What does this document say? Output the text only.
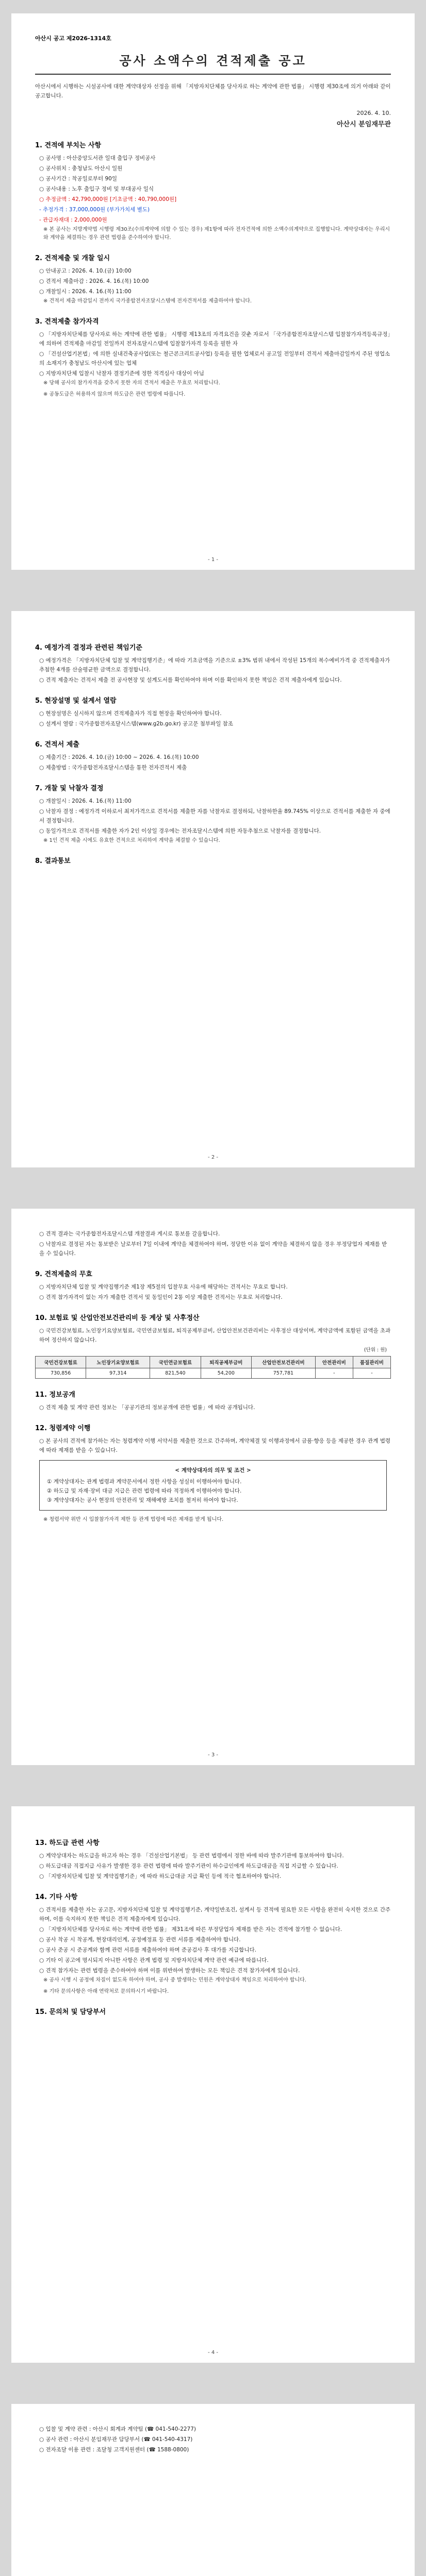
아산시 공고 제2026-1314호
공사 소액수의 견적제출 공고
아산시에서 시행하는 시설공사에 대한 계약대상자 선정을 위해 「지방자치단체를 당사자로 하는 계약에 관한 법률」 시행령 제30조에 의거 아래와 같이 공고합니다.
2026. 4. 10.
아산시 분임재무관
1. 견적에 부치는 사항
○ 공사명 : 아산중앙도서관 일대 출입구 정비공사
○ 공사위치 : 충청남도 아산시 일원
○ 공사기간 : 착공일로부터 90일
○ 공사내용 : 노후 출입구 정비 및 부대공사 일식
○ 추정금액 : 42,790,000원 [기초금액 : 40,790,000원]
- 추정가격 : 37,000,000원 (부가가치세 별도)
- 관급자재대 : 2,000,000원
※ 본 공사는 지방계약법 시행령 제30조(수의계약에 의할 수 있는 경우) 제1항에 따라 전자견적에 의한 소액수의계약으로 집행합니다. 계약상대자는 우리시와 계약을 체결하는 경우 관련 법령을 준수하여야 합니다.
2. 견적제출 및 개찰 일시
○ 안내공고 : 2026. 4. 10.(금) 10:00
○ 견적서 제출마감 : 2026. 4. 16.(목) 10:00
○ 개찰일시 : 2026. 4. 16.(목) 11:00
※ 견적서 제출 마감일시 전까지 국가종합전자조달시스템에 전자견적서를 제출하여야 합니다.
3. 견적제출 참가자격
○ 「지방자치단체를 당사자로 하는 계약에 관한 법률」 시행령 제13조의 자격요건을 갖춘 자로서 「국가종합전자조달시스템 입찰참가자격등록규정」에 의하여 견적제출 마감일 전일까지 전자조달시스템에 입찰참가자격 등록을 필한 자
○ 「건설산업기본법」에 의한 실내건축공사업(또는 철근콘크리트공사업) 등록을 필한 업체로서 공고일 전일부터 견적서 제출마감일까지 주된 영업소의 소재지가 충청남도 아산시에 있는 업체
○ 지방자치단체 입찰시 낙찰자 결정기준에 정한 적격심사 대상이 아님
※ 당해 공사의 참가자격을 갖추지 못한 자의 견적서 제출은 무효로 처리합니다.
※ 공동도급은 허용하지 않으며 하도급은 관련 법령에 따릅니다.
- 1 -
4. 예정가격 결정과 관련된 책임기준
○ 예정가격은 「지방자치단체 입찰 및 계약집행기준」에 따라 기초금액을 기준으로 ±3% 범위 내에서 작성된 15개의 복수예비가격 중 견적제출자가 추첨한 4개를 산술평균한 금액으로 결정합니다.
○ 견적 제출자는 견적서 제출 전 공사현장 및 설계도서를 확인하여야 하며 이를 확인하지 못한 책임은 견적 제출자에게 있습니다.
5. 현장설명 및 설계서 열람
○ 현장설명은 실시하지 않으며 견적제출자가 직접 현장을 확인하여야 합니다.
○ 설계서 열람 : 국가종합전자조달시스템(www.g2b.go.kr) 공고문 첨부파일 참조
6. 견적서 제출
○ 제출기간 : 2026. 4. 10.(금) 10:00 ~ 2026. 4. 16.(목) 10:00
○ 제출방법 : 국가종합전자조달시스템을 통한 전자견적서 제출
7. 개찰 및 낙찰자 결정
○ 개찰일시 : 2026. 4. 16.(목) 11:00
○ 낙찰자 결정 : 예정가격 이하로서 최저가격으로 견적서를 제출한 자를 낙찰자로 결정하되, 낙찰하한율 89.745% 이상으로 견적서를 제출한 자 중에서 결정합니다.
○ 동일가격으로 견적서를 제출한 자가 2인 이상일 경우에는 전자조달시스템에 의한 자동추첨으로 낙찰자를 결정합니다.
※ 1인 견적 제출 시에도 유효한 견적으로 처리하여 계약을 체결할 수 있습니다.
8. 결과통보
- 2 -
○ 견적 결과는 국가종합전자조달시스템 개찰결과 게시로 통보를 갈음합니다.
○ 낙찰자로 결정된 자는 통보받은 날로부터 7일 이내에 계약을 체결하여야 하며, 정당한 이유 없이 계약을 체결하지 않을 경우 부정당업자 제재를 받을 수 있습니다.
9. 견적제출의 무효
○ 지방자치단체 입찰 및 계약집행기준 제1장 제5절의 입찰무효 사유에 해당하는 견적서는 무효로 합니다.
○ 견적 참가자격이 없는 자가 제출한 견적서 및 동일인이 2통 이상 제출한 견적서는 무효로 처리합니다.
10. 보험료 및 산업안전보건관리비 등 계상 및 사후정산
○ 국민건강보험료, 노인장기요양보험료, 국민연금보험료, 퇴직공제부금비, 산업안전보건관리비는 사후정산 대상이며, 계약금액에 포함된 금액을 초과하여 정산하지 않습니다.
(단위 : 원)
국민건강보험료	노인장기요양보험료	국민연금보험료	퇴직공제부금비	산업안전보건관리비	안전관리비	품질관리비
730,856	97,314	821,540	54,200	757,781	-	-
11. 정보공개
○ 견적 제출 및 계약 관련 정보는 「공공기관의 정보공개에 관한 법률」에 따라 공개됩니다.
12. 청렴계약 이행
○ 본 공사의 견적에 참가하는 자는 청렴계약 이행 서약서를 제출한 것으로 간주하며, 계약체결 및 이행과정에서 금품·향응 등을 제공한 경우 관계 법령에 따라 제재를 받을 수 있습니다.
< 계약상대자의 의무 및 조건 >
① 계약상대자는 관계 법령과 계약문서에서 정한 사항을 성실히 이행하여야 합니다.
② 하도급 및 자재·장비 대금 지급은 관련 법령에 따라 적정하게 이행하여야 합니다.
③ 계약상대자는 공사 현장의 안전관리 및 재해예방 조치를 철저히 하여야 합니다.
※ 청렴서약 위반 시 입찰참가자격 제한 등 관계 법령에 따른 제재를 받게 됩니다.
- 3 -
13. 하도급 관련 사항
○ 계약상대자는 하도급을 하고자 하는 경우 「건설산업기본법」 등 관련 법령에서 정한 바에 따라 발주기관에 통보하여야 합니다.
○ 하도급대금 직접지급 사유가 발생한 경우 관련 법령에 따라 발주기관이 하수급인에게 하도급대금을 직접 지급할 수 있습니다.
○ 「지방자치단체 입찰 및 계약집행기준」에 따라 하도급대금 지급 확인 등에 적극 협조하여야 합니다.
14. 기타 사항
○ 견적서를 제출한 자는 공고문, 지방자치단체 입찰 및 계약집행기준, 계약일반조건, 설계서 등 견적에 필요한 모든 사항을 완전히 숙지한 것으로 간주하며, 이를 숙지하지 못한 책임은 견적 제출자에게 있습니다.
○ 「지방자치단체를 당사자로 하는 계약에 관한 법률」 제31조에 따른 부정당업자 제재를 받은 자는 견적에 참가할 수 없습니다.
○ 공사 착공 시 착공계, 현장대리인계, 공정예정표 등 관련 서류를 제출하여야 합니다.
○ 공사 준공 시 준공계와 함께 관련 서류를 제출하여야 하며 준공검사 후 대가를 지급합니다.
○ 기타 이 공고에 명시되지 아니한 사항은 관계 법령 및 지방자치단체 계약 관련 예규에 따릅니다.
○ 견적 참가자는 관련 법령을 준수하여야 하며 이를 위반하여 발생하는 모든 책임은 견적 참가자에게 있습니다.
※ 공사 시행 시 공정에 차질이 없도록 하여야 하며, 공사 중 발생하는 민원은 계약상대자 책임으로 처리하여야 합니다.
※ 기타 문의사항은 아래 연락처로 문의하시기 바랍니다.
15. 문의처 및 담당부서
- 4 -
○ 입찰 및 계약 관련 : 아산시 회계과 계약팀 (☎ 041-540-2277)
○ 공사 관련 : 아산시 분임재무관 담당부서 (☎ 041-540-4317)
○ 전자조달 이용 관련 : 조달청 고객지원센터 (☎ 1588-0800)
